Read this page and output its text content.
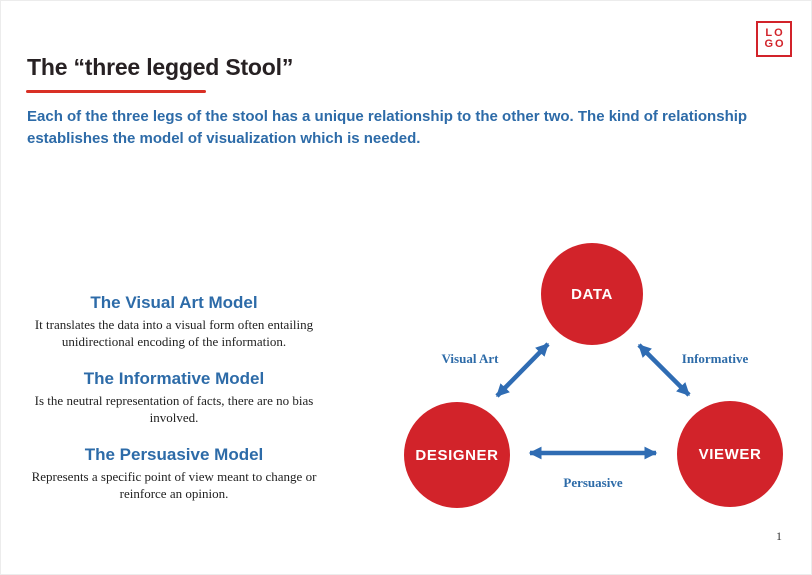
LO
GO
The “three legged Stool”

Each of the three legs of the stool has a unique relationship to the other two. The kind of relationship establishes the model of visualization which is needed.

The Visual Art Model

It translates the data into a visual form often entailing unidirectional encoding of the information.

The Informative Model

Is the neutral representation of facts, there are no bias involved.

The Persuasive Model

Represents a specific point of view meant to change or reinforce an opinion.

DATA
DESIGNER	VIEWER
Visual Art	Informative
Persuasive
1
